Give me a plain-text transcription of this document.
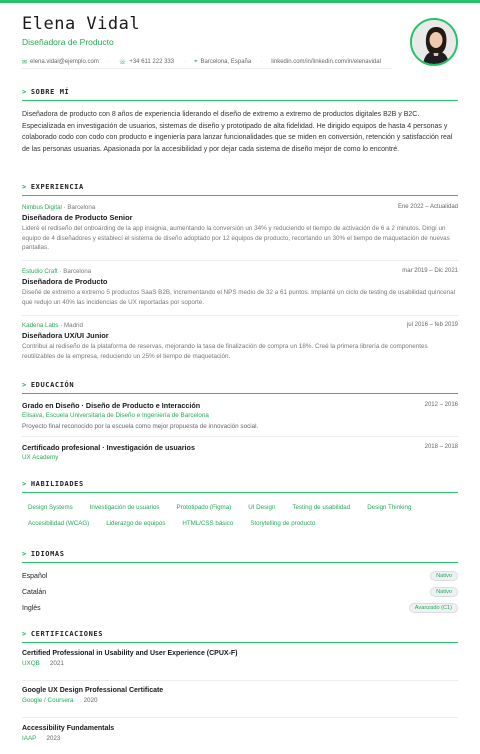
Elena Vidal
Diseñadora de Producto
✉ elena.vidal@ejemplo.com · ☏ +34 611 222 333 · ⌖ Barcelona, España · linkedin.com/in/linkedin.com/in/elenavidal
> SOBRE MÍ
Diseñadora de producto con 8 años de experiencia liderando el diseño de extremo a extremo de productos digitales B2B y B2C. Especializada en investigación de usuarios, sistemas de diseño y prototipado de alta fidelidad. He dirigido equipos de hasta 4 personas y colaborado codo con codo con producto e ingeniería para lanzar funcionalidades que se miden en conversión, retención y satisfacción real de las personas usuarias. Apasionada por la accesibilidad y por dejar cada sistema de diseño mejor de como lo encontré.
> EXPERIENCIA
Nimbus Digital · Barcelona	Ene 2022 – Actualidad
Diseñadora de Producto Senior
Lideré el rediseño del onboarding de la app insignia, aumentando la conversión un 34% y reduciendo el tiempo de activación de 6 a 2 minutos. Dirigí un equipo de 4 diseñadores y establecí el sistema de diseño adoptado por 12 equipos de producto, recortando un 30% el tiempo de maquetación de nuevas pantallas.
Estudio Craft · Barcelona	mar 2019 – Dic 2021
Diseñadora de Producto
Diseñé de extremo a extremo 5 productos SaaS B2B, incrementando el NPS medio de 32 a 61 puntos. Implanté un ciclo de testing de usabilidad quincenal que redujo un 40% las incidencias de UX reportadas por soporte.
Kadena Labs · Madrid	jul 2016 – feb 2019
Diseñadora UX/UI Junior
Contribuí al rediseño de la plataforma de reservas, mejorando la tasa de finalización de compra un 18%. Creé la primera librería de componentes reutilizables de la empresa, reduciendo un 25% el tiempo de maquetación.
> EDUCACIÓN
Grado en Diseño · Diseño de Producto e Interacción	2012 – 2016
Elisava, Escuela Universitaria de Diseño e Ingeniería de Barcelona
Proyecto final reconocido por la escuela como mejor propuesta de innovación social.
Certificado profesional · Investigación de usuarios	2018 – 2018
UX Academy
> HABILIDADES
Design Systems	Investigación de usuarios	Prototipado (Figma)	UI Design	Testing de usabilidad	Design Thinking
Accesibilidad (WCAG)	Liderazgo de equipos	HTML/CSS básico	Storytelling de producto
> IDIOMAS
Español	Nativo
Catalán	Nativo
Inglés	Avanzado (C1)
> CERTIFICACIONES
Certified Professional in Usability and User Experience (CPUX-F)
UXQB 2021
Google UX Design Professional Certificate
Google / Coursera 2020
Accessibility Fundamentals
IAAP 2023
